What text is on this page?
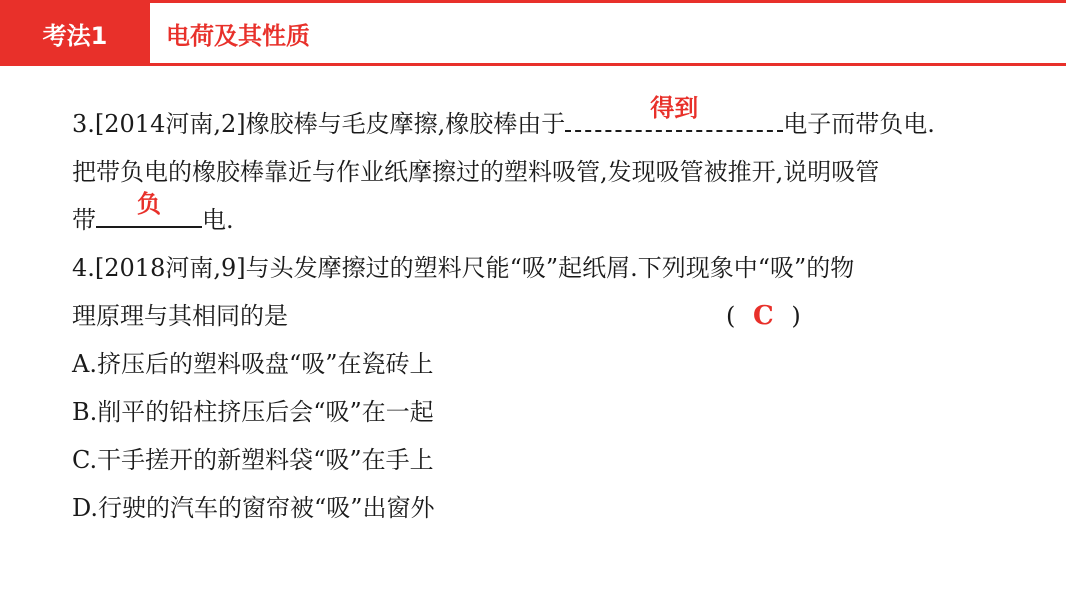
考法1	电荷及其性质
3.[2014河南,2]橡胶棒与毛皮摩擦,橡胶棒由于
得到
电子而带负电.
把带负电的橡胶棒靠近与作业纸摩擦过的塑料吸管,发现吸管被推开,说明吸管
带
负
电.
4.[2018河南,9]与头发摩擦过的塑料尺能“吸”起纸屑.下列现象中“吸”的物
理原理与其相同的是	( C )
A.挤压后的塑料吸盘“吸”在瓷砖上
B.削平的铅柱挤压后会“吸”在一起
C.干手搓开的新塑料袋“吸”在手上
D.行驶的汽车的窗帘被“吸”出窗外
